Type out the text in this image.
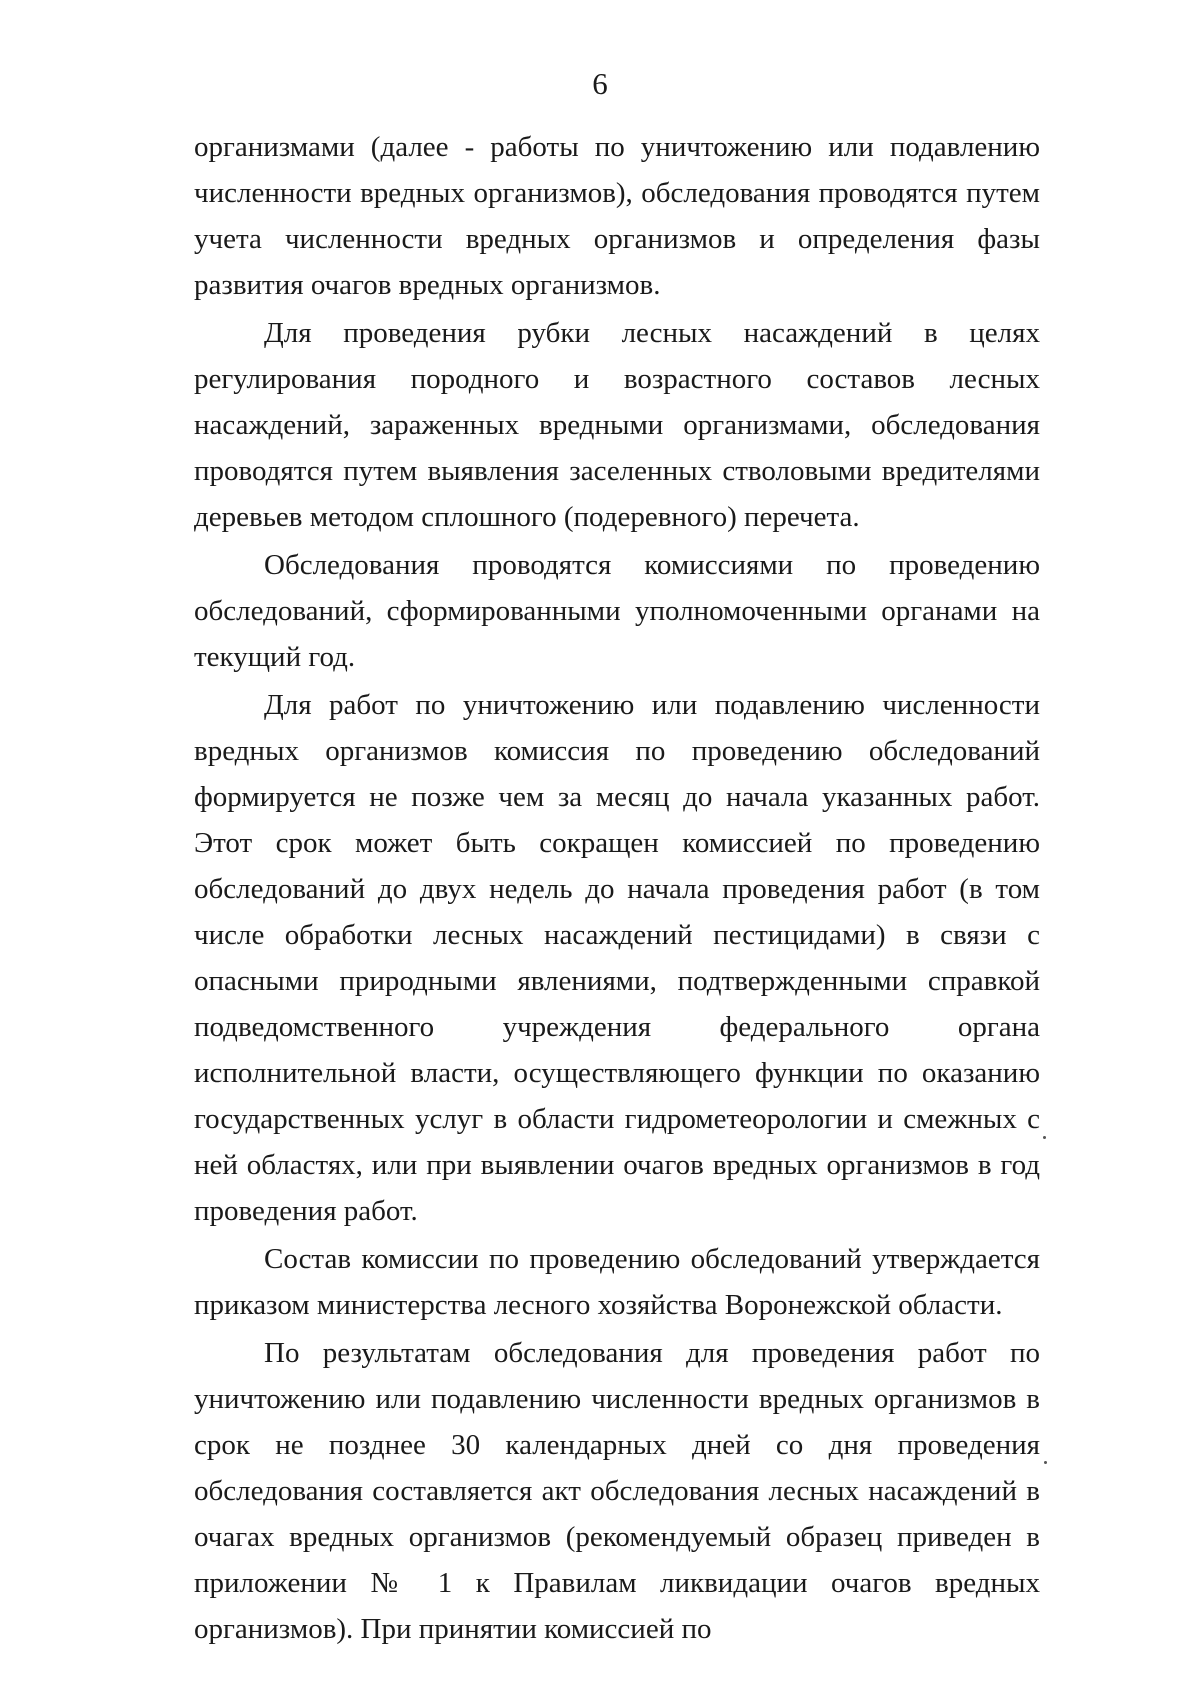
6

организмами (далее - работы по уничтожению или подавлению численности вредных организмов), обследования проводятся путем учета численности вредных организмов и определения фазы развития очагов вредных организмов.

Для проведения рубки лесных насаждений в целях регулирования породного и возрастного составов лесных насаждений, зараженных вредными организмами, обследования проводятся путем выявления заселенных стволовыми вредителями деревьев методом сплошного (подеревного) перечета.

Обследования проводятся комиссиями по проведению обследований, сформированными уполномоченными органами на текущий год.

Для работ по уничтожению или подавлению численности вредных организмов комиссия по проведению обследований формируется не позже чем за месяц до начала указанных работ. Этот срок может быть сокращен комиссией по проведению обследований до двух недель до начала проведения работ (в том числе обработки лесных насаждений пестицидами) в связи с опасными природными явлениями, подтвержденными справкой подведомственного учреждения федерального органа исполнительной власти, осуществляющего функции по оказанию государственных услуг в области гидрометеорологии и смежных с ней областях, или при выявлении очагов вредных организмов в год проведения работ.

Состав комиссии по проведению обследований утверждается приказом министерства лесного хозяйства Воронежской области.

По результатам обследования для проведения работ по уничтожению или подавлению численности вредных организмов в срок не позднее 30 календарных дней со дня проведения обследования составляется акт обследования лесных насаждений в очагах вредных организмов (рекомендуемый образец приведен в приложении № 1 к Правилам ликвидации очагов вредных организмов). При принятии комиссией по
